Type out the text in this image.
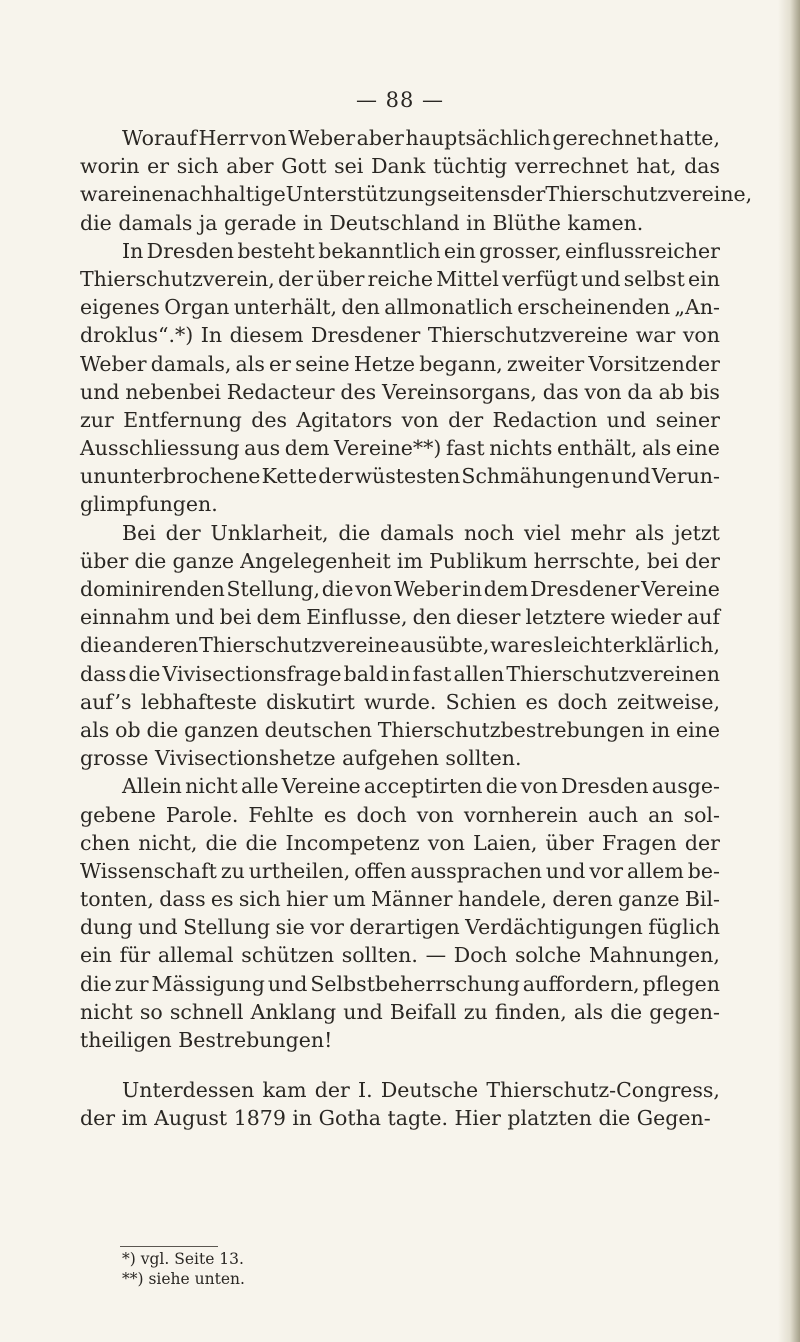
— 88 —
Worauf Herr von Weber aber hauptsächlich gerechnet hatte,
worin er sich aber Gott sei Dank tüchtig verrechnet hat, das
war eine nachhaltige Unterstützung seitens der Thierschutzvereine,
die damals ja gerade in Deutschland in Blüthe kamen.
In Dresden besteht bekanntlich ein grosser, einflussreicher
Thierschutzverein, der über reiche Mittel verfügt und selbst ein
eigenes Organ unterhält, den allmonatlich erscheinenden „An-
droklus“.*) In diesem Dresdener Thierschutzvereine war von
Weber damals, als er seine Hetze begann, zweiter Vorsitzender
und nebenbei Redacteur des Vereinsorgans, das von da ab bis
zur Entfernung des Agitators von der Redaction und seiner
Ausschliessung aus dem Vereine**) fast nichts enthält, als eine
ununterbrochene Kette der wüstesten Schmähungen und Verun-
glimpfungen.
Bei der Unklarheit, die damals noch viel mehr als jetzt
über die ganze Angelegenheit im Publikum herrschte, bei der
dominirenden Stellung, die von Weber in dem Dresdener Vereine
einnahm und bei dem Einflusse, den dieser letztere wieder auf
die anderen Thierschutzvereine ausübte, war es leicht erklärlich,
dass die Vivisectionsfrage bald in fast allen Thierschutzvereinen
auf’s lebhafteste diskutirt wurde. Schien es doch zeitweise,
als ob die ganzen deutschen Thierschutzbestrebungen in eine
grosse Vivisectionshetze aufgehen sollten.
Allein nicht alle Vereine acceptirten die von Dresden ausge-
gebene Parole. Fehlte es doch von vornherein auch an sol-
chen nicht, die die Incompetenz von Laien, über Fragen der
Wissenschaft zu urtheilen, offen aussprachen und vor allem be-
tonten, dass es sich hier um Männer handele, deren ganze Bil-
dung und Stellung sie vor derartigen Verdächtigungen füglich
ein für allemal schützen sollten. — Doch solche Mahnungen,
die zur Mässigung und Selbstbeherrschung auffordern, pflegen
nicht so schnell Anklang und Beifall zu finden, als die gegen-
theiligen Bestrebungen!
Unterdessen kam der I. Deutsche Thierschutz-Congress,
der im August 1879 in Gotha tagte. Hier platzten die Gegen-
*) vgl. Seite 13.
**) siehe unten.
